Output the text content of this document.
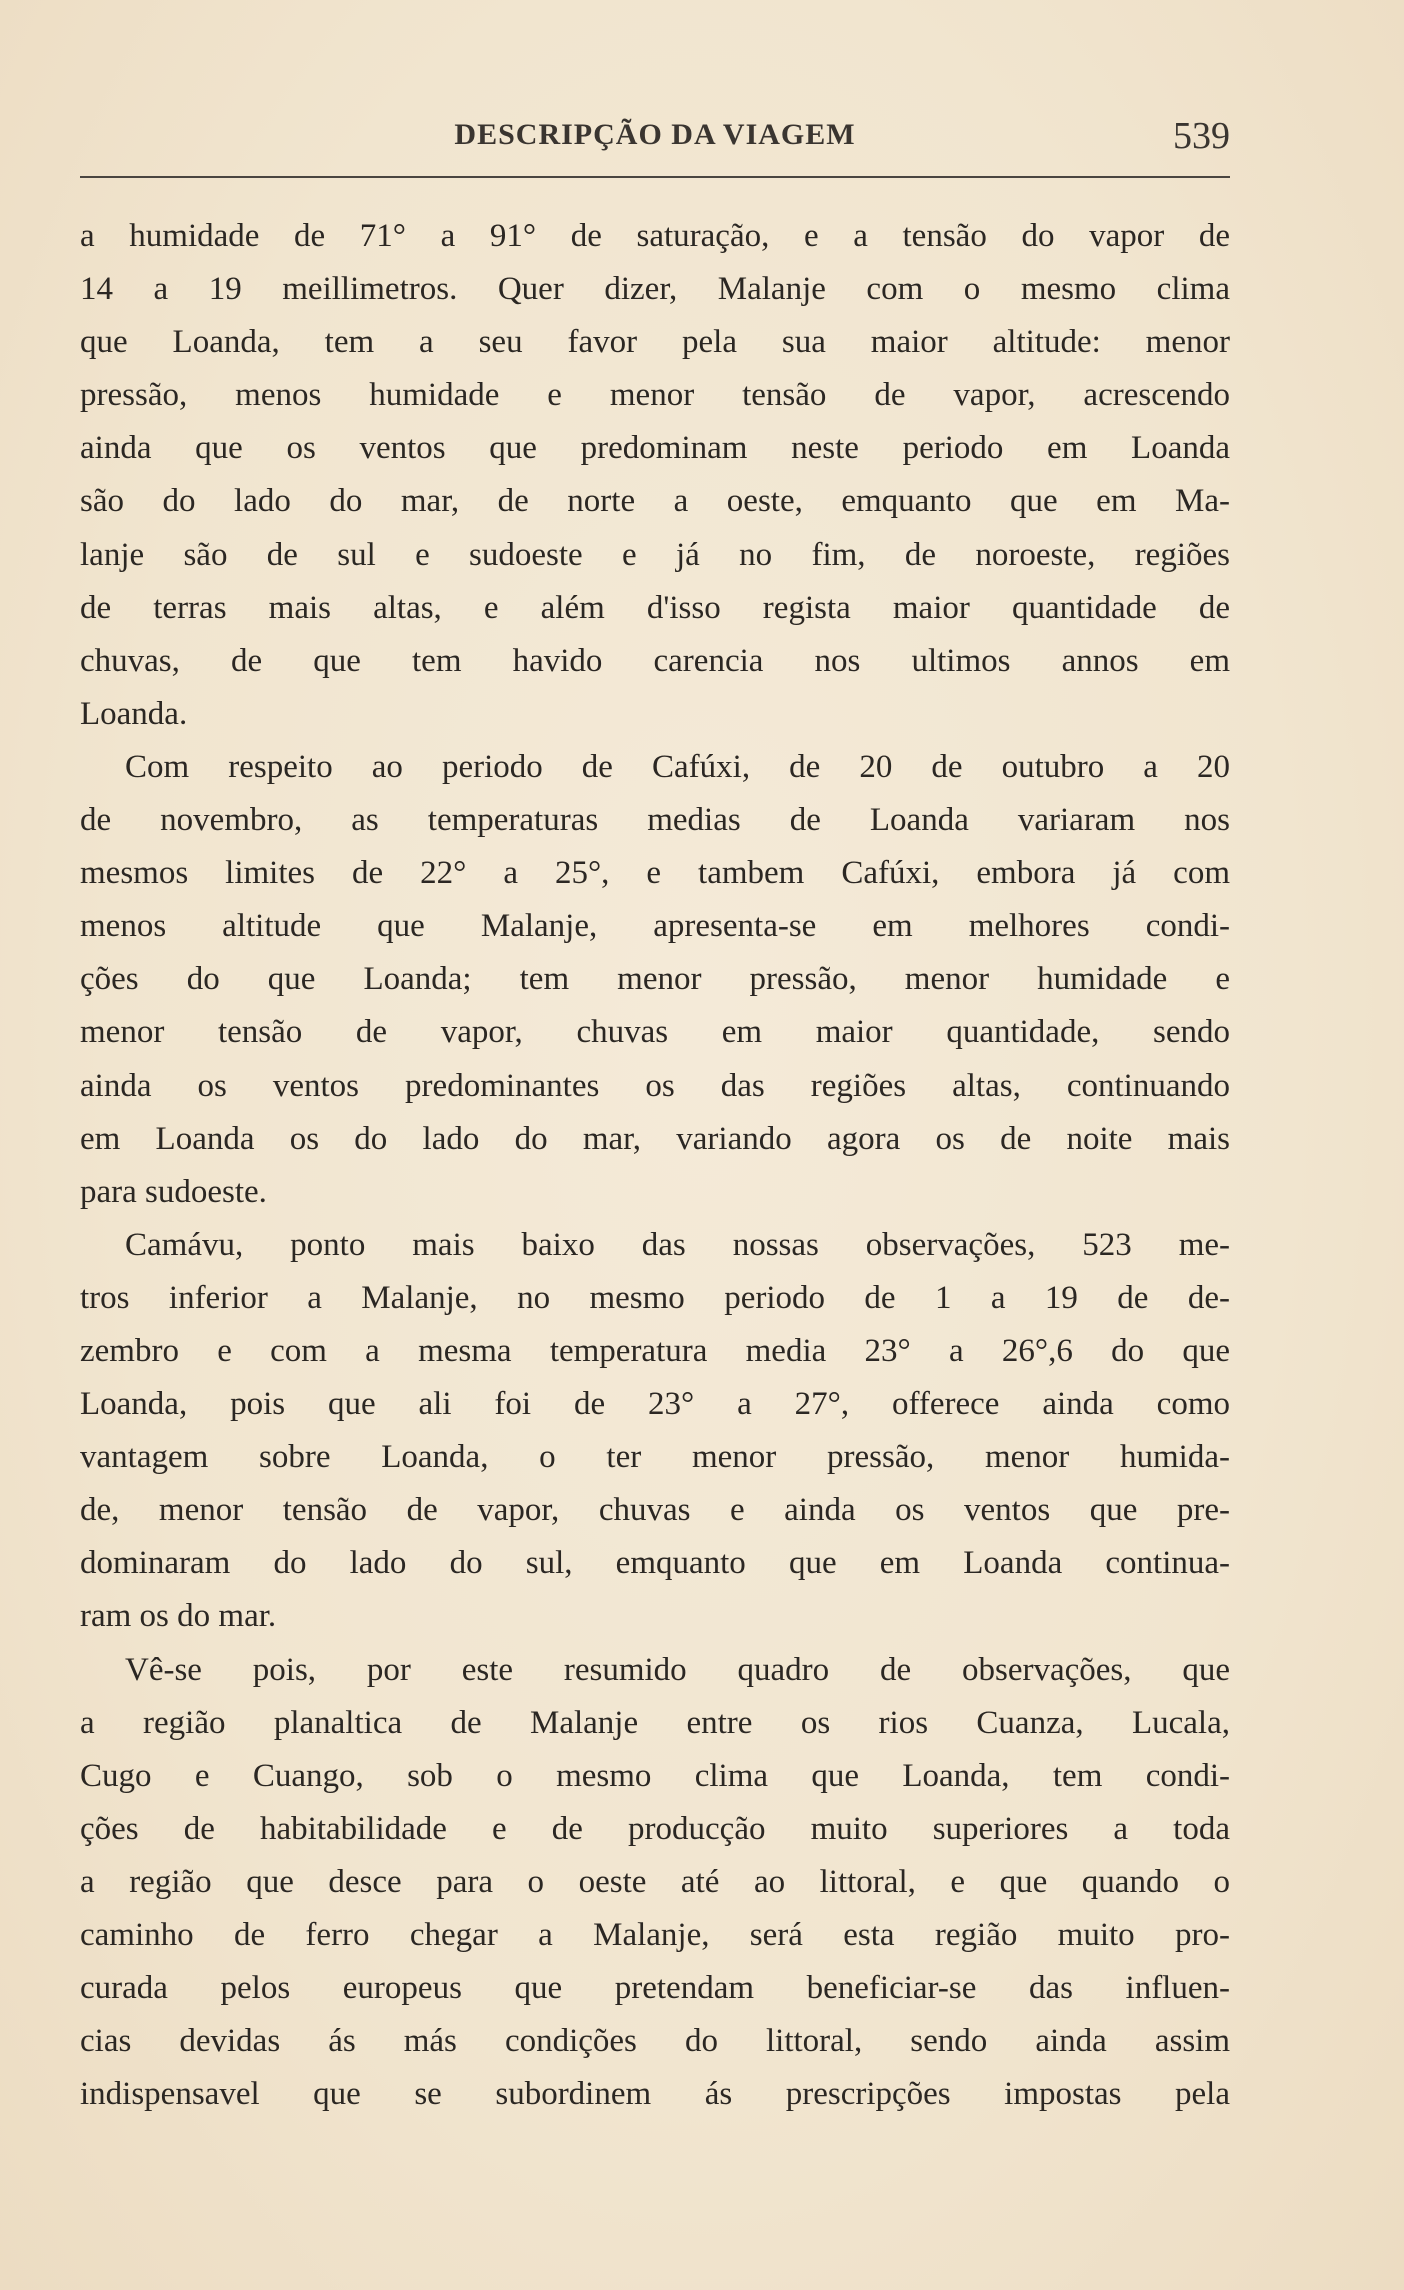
DESCRIPÇÃO DA VIAGEM	539
a humidade de 71° a 91° de saturação, e a tensão do vapor de
14 a 19 meillimetros. Quer dizer, Malanje com o mesmo clima
que Loanda, tem a seu favor pela sua maior altitude: menor
pressão, menos humidade e menor tensão de vapor, acrescendo
ainda que os ventos que predominam neste periodo em Loanda
são do lado do mar, de norte a oeste, emquanto que em Ma-
lanje são de sul e sudoeste e já no fim, de noroeste, regiões
de terras mais altas, e além d'isso regista maior quantidade de
chuvas, de que tem havido carencia nos ultimos annos em
Loanda.
Com respeito ao periodo de Cafúxi, de 20 de outubro a 20
de novembro, as temperaturas medias de Loanda variaram nos
mesmos limites de 22° a 25°, e tambem Cafúxi, embora já com
menos altitude que Malanje, apresenta-se em melhores condi-
ções do que Loanda; tem menor pressão, menor humidade e
menor tensão de vapor, chuvas em maior quantidade, sendo
ainda os ventos predominantes os das regiões altas, continuando
em Loanda os do lado do mar, variando agora os de noite mais
para sudoeste.
Camávu, ponto mais baixo das nossas observações, 523 me-
tros inferior a Malanje, no mesmo periodo de 1 a 19 de de-
zembro e com a mesma temperatura media 23° a 26°,6 do que
Loanda, pois que ali foi de 23° a 27°, offerece ainda como
vantagem sobre Loanda, o ter menor pressão, menor humida-
de, menor tensão de vapor, chuvas e ainda os ventos que pre-
dominaram do lado do sul, emquanto que em Loanda continua-
ram os do mar.
Vê-se pois, por este resumido quadro de observações, que
a região planaltica de Malanje entre os rios Cuanza, Lucala,
Cugo e Cuango, sob o mesmo clima que Loanda, tem condi-
ções de habitabilidade e de producção muito superiores a toda
a região que desce para o oeste até ao littoral, e que quando o
caminho de ferro chegar a Malanje, será esta região muito pro-
curada pelos europeus que pretendam beneficiar-se das influen-
cias devidas ás más condições do littoral, sendo ainda assim
indispensavel que se subordinem ás prescripções impostas pela
